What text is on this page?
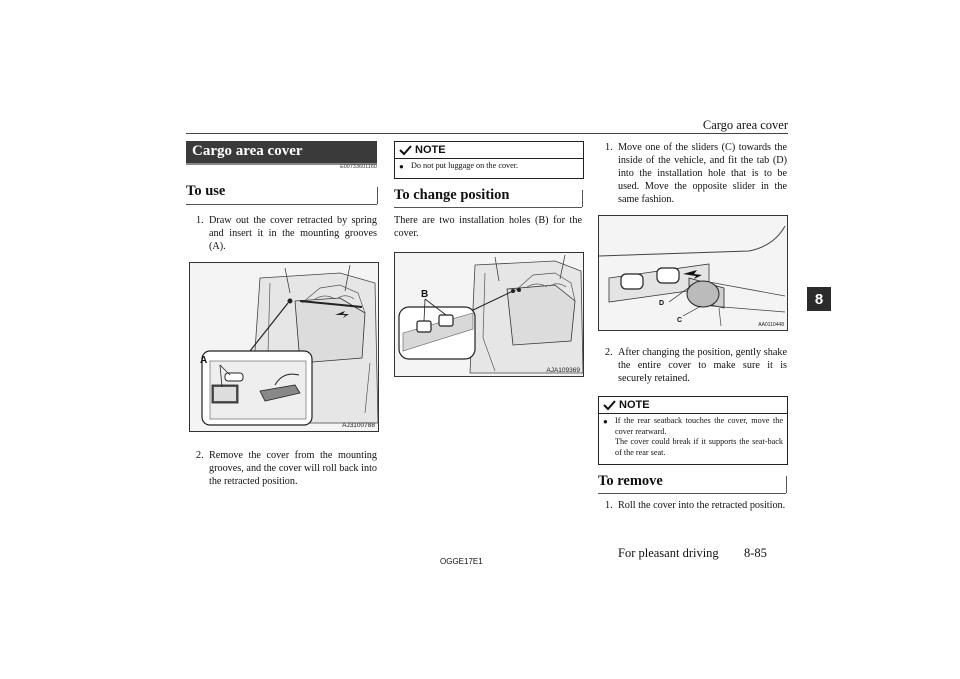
Cargo area cover
8
Cargo area cover
E00733601160
To use
1. Draw out the cover retracted by spring and insert it in the mounting grooves (A).
A
AJ3100788
2. Remove the cover from the mounting grooves, and the cover will roll back into the retracted position.
NOTE
● Do not put luggage on the cover.
To change position
There are two installation holes (B) for the cover.
B
AJA109369
1. Move one of the sliders (C) towards the inside of the vehicle, and fit the tab (D) into the installation hole that is to be used. Move the opposite slider in the same fashion.
D
C
AA0110448
2. After changing the position, gently shake the entire cover to make sure it is securely retained.
NOTE
● If the rear seatback touches the cover, move the cover rearward.
The cover could break if it supports the seat-back of the rear seat.
To remove
1. Roll the cover into the retracted position.
OGGE17E1
For pleasant driving 8-85
